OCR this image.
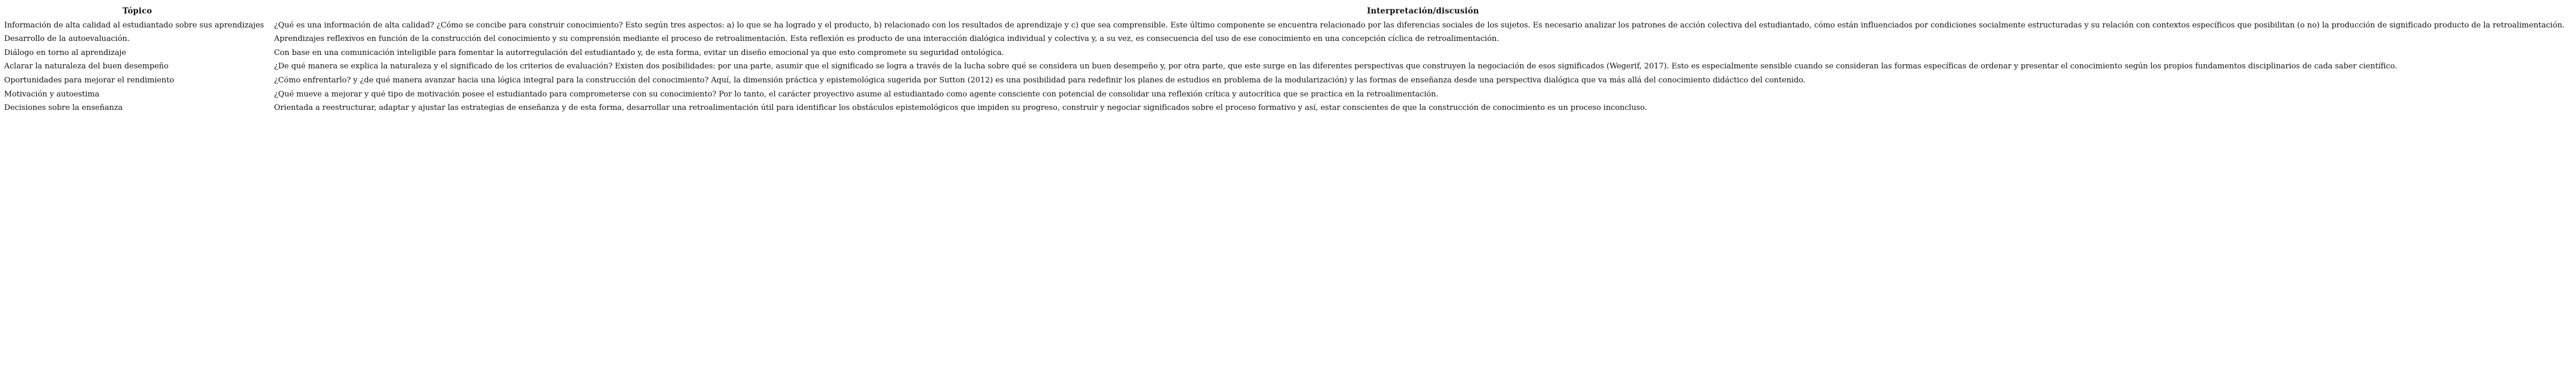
Tópico	Interpretación/discusión
Información de alta calidad al estudiantado sobre sus aprendizajes	¿Qué es una información de alta calidad? ¿Cómo se concibe para construir conocimiento? Esto según tres aspectos: a) lo que se ha logrado y el producto, b) relacionado con los resultados de aprendizaje y c) que sea comprensible. Este último componente se encuentra relacionado por las diferencias sociales de los sujetos. Es necesario analizar los patrones de acción colectiva del estudiantado, cómo están influenciados por condiciones socialmente estructuradas y su relación con contextos específicos que posibilitan (o no) la producción de significado producto de la retroalimentación.
Desarrollo de la autoevaluación.	Aprendizajes reflexivos en función de la construcción del conocimiento y su comprensión mediante el proceso de retroalimentación. Esta reflexión es producto de una interacción dialógica individual y colectiva y, a su vez, es consecuencia del uso de ese conocimiento en una concepción cíclica de retroalimentación.
Diálogo en torno al aprendizaje	Con base en una comunicación inteligible para fomentar la autorregulación del estudiantado y, de esta forma, evitar un diseño emocional ya que esto compromete su seguridad ontológica.
Aclarar la naturaleza del buen desempeño	¿De qué manera se explica la naturaleza y el significado de los criterios de evaluación? Existen dos posibilidades: por una parte, asumir que el significado se logra a través de la lucha sobre qué se considera un buen desempeño y, por otra parte, que este surge en las diferentes perspectivas que construyen la negociación de esos significados (Wegerif, 2017). Esto es especialmente sensible cuando se consideran las formas específicas de ordenar y presentar el conocimiento según los propios fundamentos disciplinarios de cada saber científico.
Oportunidades para mejorar el rendimiento	¿Cómo enfrentarlo? y ¿de qué manera avanzar hacia una lógica integral para la construcción del conocimiento? Aquí, la dimensión práctica y epistemológica sugerida por Sutton (2012) es una posibilidad para redefinir los planes de estudios en problema de la modularización) y las formas de enseñanza desde una perspectiva dialógica que va más allá del conocimiento didáctico del contenido.
Motivación y autoestima	¿Qué mueve a mejorar y qué tipo de motivación posee el estudiantado para comprometerse con su conocimiento? Por lo tanto, el carácter proyectivo asume al estudiantado como agente consciente con potencial de consolidar una reflexión crítica y autocrítica que se practica en la retroalimentación.
Decisiones sobre la enseñanza	Orientada a reestructurar, adaptar y ajustar las estrategias de enseñanza y de esta forma, desarrollar una retroalimentación útil para identificar los obstáculos epistemológicos que impiden su progreso, construir y negociar significados sobre el proceso formativo y así, estar conscientes de que la construcción de conocimiento es un proceso inconcluso.
